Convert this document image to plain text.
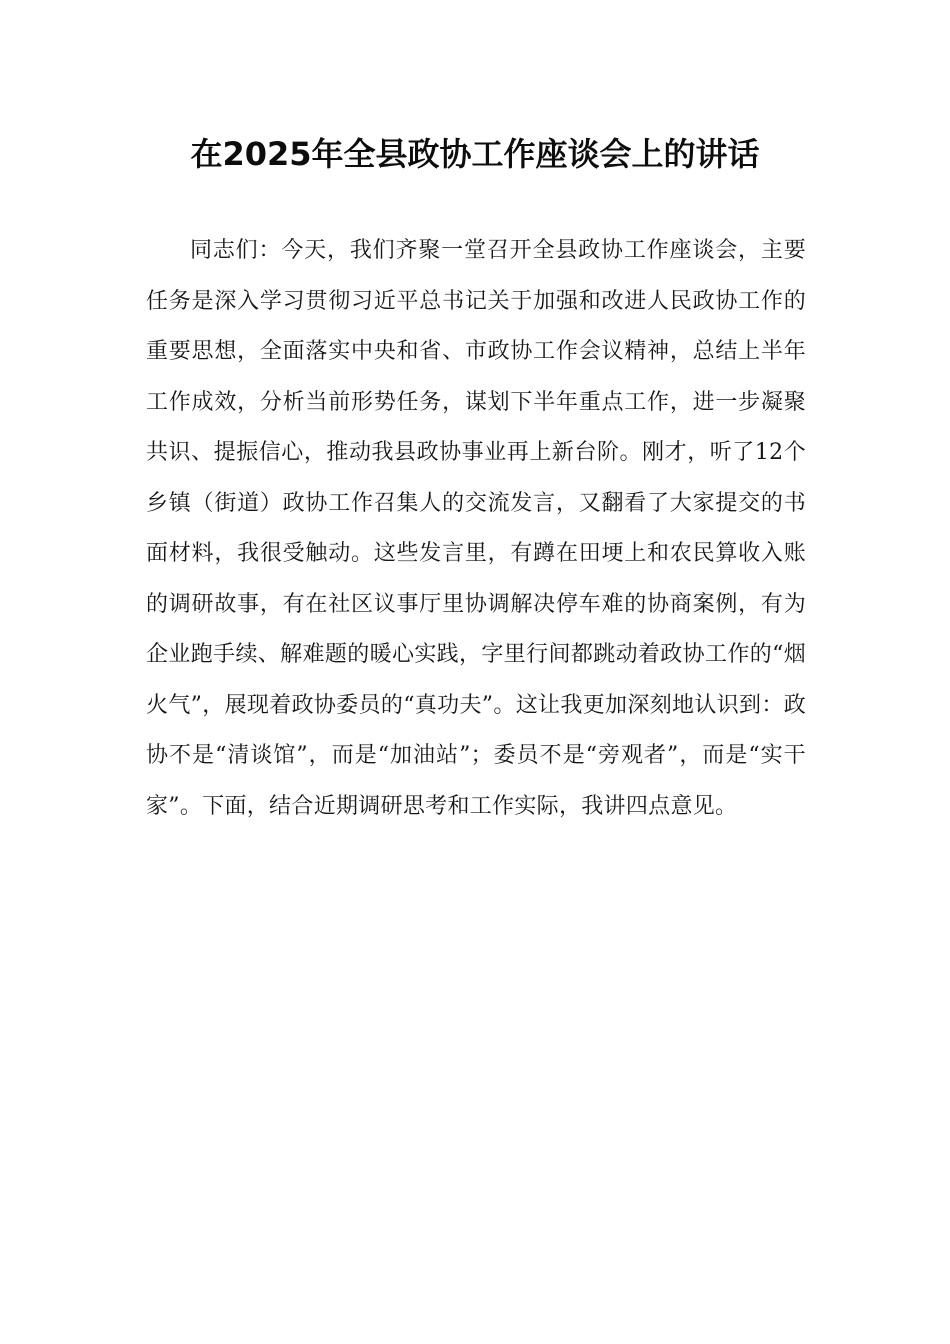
在2025年全县政协工作座谈会上的讲话

同志们：今天，我们齐聚一堂召开全县政协工作座谈会，主要任务是深入学习贯彻习近平总书记关于加强和改进人民政协工作的重要思想，全面落实中央和省、市政协工作会议精神，总结上半年工作成效，分析当前形势任务，谋划下半年重点工作，进一步凝聚共识、提振信心，推动我县政协事业再上新台阶。刚才，听了12个乡镇（街道）政协工作召集人的交流发言，又翻看了大家提交的书面材料，我很受触动。这些发言里，有蹲在田埂上和农民算收入账的调研故事，有在社区议事厅里协调解决停车难的协商案例，有为企业跑手续、解难题的暖心实践，字里行间都跳动着政协工作的“烟火气”，展现着政协委员的“真功夫”。这让我更加深刻地认识到：政协不是“清谈馆”，而是“加油站”；委员不是“旁观者”，而是“实干家”。下面，结合近期调研思考和工作实际，我讲四点意见。
